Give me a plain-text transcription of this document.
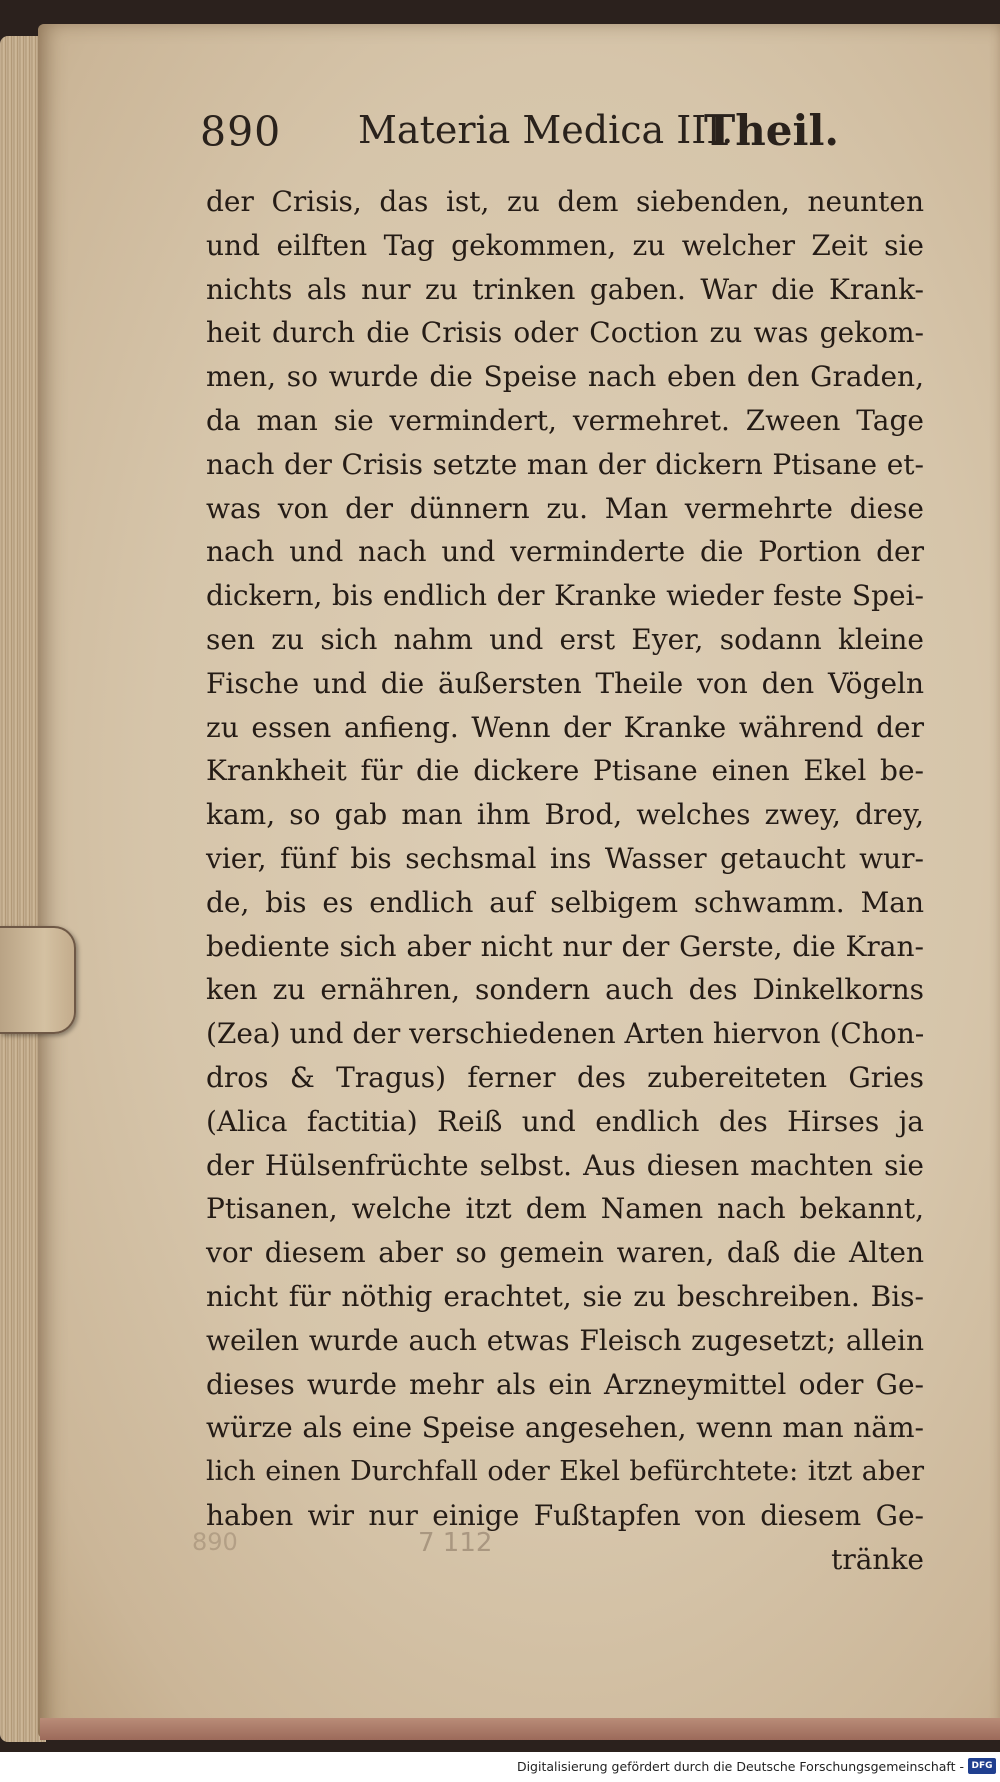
890 Materia Medica III.
Theil.
der Crisis, das ist, zu dem siebenden, neunten
und eilften Tag gekommen, zu welcher Zeit sie
nichts als nur zu trinken gaben. War die Krank-
heit durch die Crisis oder Coction zu was gekom-
men, so wurde die Speise nach eben den Graden,
da man sie vermindert, vermehret. Zween Tage
nach der Crisis setzte man der dickern Ptisane et-
was von der dünnern zu. Man vermehrte diese
nach und nach und verminderte die Portion der
dickern, bis endlich der Kranke wieder feste Spei-
sen zu sich nahm und erst Eyer, sodann kleine
Fische und die äußersten Theile von den Vögeln
zu essen anfieng. Wenn der Kranke während der
Krankheit für die dickere Ptisane einen Ekel be-
kam, so gab man ihm Brod, welches zwey, drey,
vier, fünf bis sechsmal ins Wasser getaucht wur-
de, bis es endlich auf selbigem schwamm. Man
bediente sich aber nicht nur der Gerste, die Kran-
ken zu ernähren, sondern auch des Dinkelkorns
(Zea) und der verschiedenen Arten hiervon (Chon-
dros & Tragus) ferner des zubereiteten Gries
(Alica factitia) Reiß und endlich des Hirses ja
der Hülsenfrüchte selbst. Aus diesen machten sie
Ptisanen, welche itzt dem Namen nach bekannt,
vor diesem aber so gemein waren, daß die Alten
nicht für nöthig erachtet, sie zu beschreiben. Bis-
weilen wurde auch etwas Fleisch zugesetzt; allein
dieses wurde mehr als ein Arzneymittel oder Ge-
würze als eine Speise angesehen, wenn man näm-
lich einen Durchfall oder Ekel befürchtete: itzt aber
haben wir nur einige Fußtapfen von diesem Ge-
tränke
890	7 112
Digitalisierung gefördert durch die Deutsche Forschungsgemeinschaft - DFG
